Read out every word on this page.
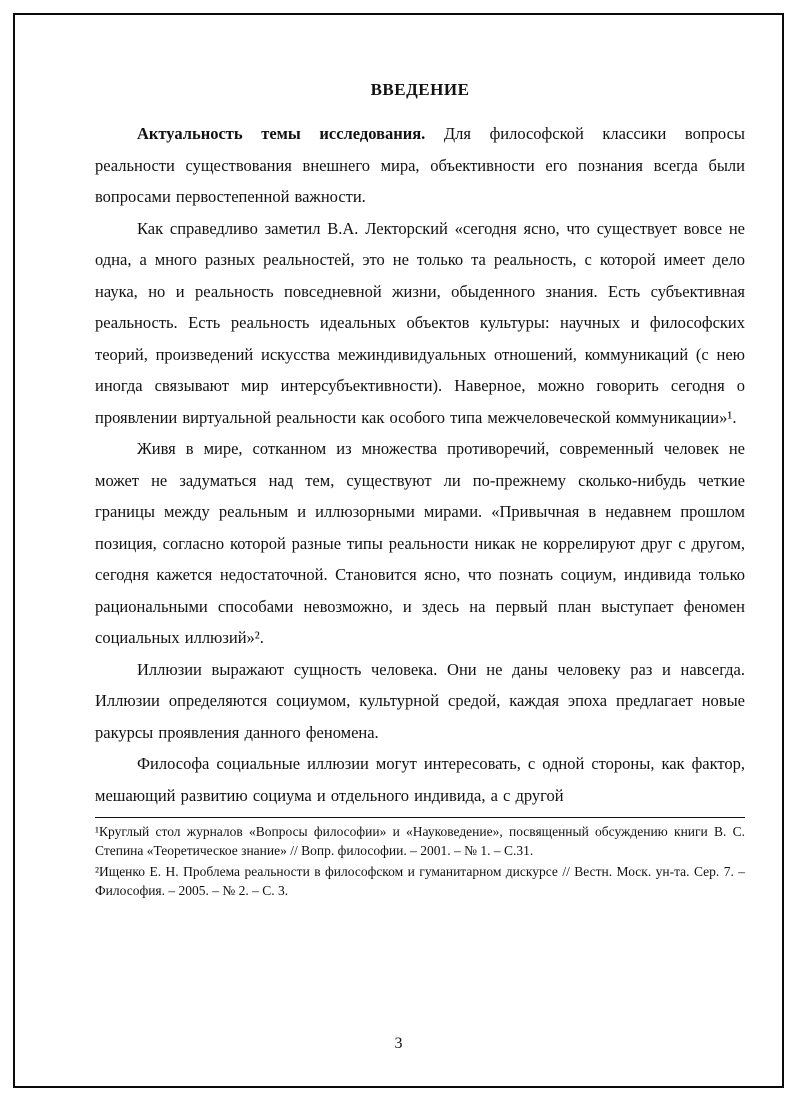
ВВЕДЕНИЕ

Актуальность темы исследования. Для философской классики вопросы реальности существования внешнего мира, объективности его познания всегда были вопросами первостепенной важности.

Как справедливо заметил В.А. Лекторский «сегодня ясно, что существует вовсе не одна, а много разных реальностей, это не только та реальность, с которой имеет дело наука, но и реальность повседневной жизни, обыденного знания. Есть субъективная реальность. Есть реальность идеальных объектов культуры: научных и философских теорий, произведений искусства межиндивидуальных отношений, коммуникаций (с нею иногда связывают мир интерсубъективности). Наверное, можно говорить сегодня о проявлении виртуальной реальности как особого типа межчеловеческой коммуникации»¹.

Живя в мире, сотканном из множества противоречий, современный человек не может не задуматься над тем, существуют ли по-прежнему сколько-нибудь четкие границы между реальным и иллюзорными мирами. «Привычная в недавнем прошлом позиция, согласно которой разные типы реальности никак не коррелируют друг с другом, сегодня кажется недостаточной. Становится ясно, что познать социум, индивида только рациональными способами невозможно, и здесь на первый план выступает феномен социальных иллюзий»².

Иллюзии выражают сущность человека. Они не даны человеку раз и навсегда. Иллюзии определяются социумом, культурной средой, каждая эпоха предлагает новые ракурсы проявления данного феномена.

Философа социальные иллюзии могут интересовать, с одной стороны, как фактор, мешающий развитию социума и отдельного индивида, а с другой

¹Круглый стол журналов «Вопросы философии» и «Науковедение», посвященный обсуждению книги В. С. Степина «Теоретическое знание» // Вопр. философии. – 2001. – № 1. – С.31.

²Ищенко Е. Н. Проблема реальности в философском и гуманитарном дискурсе // Вестн. Моск. ун-та. Сер. 7. – Философия. – 2005. – № 2. – С. 3.

3
